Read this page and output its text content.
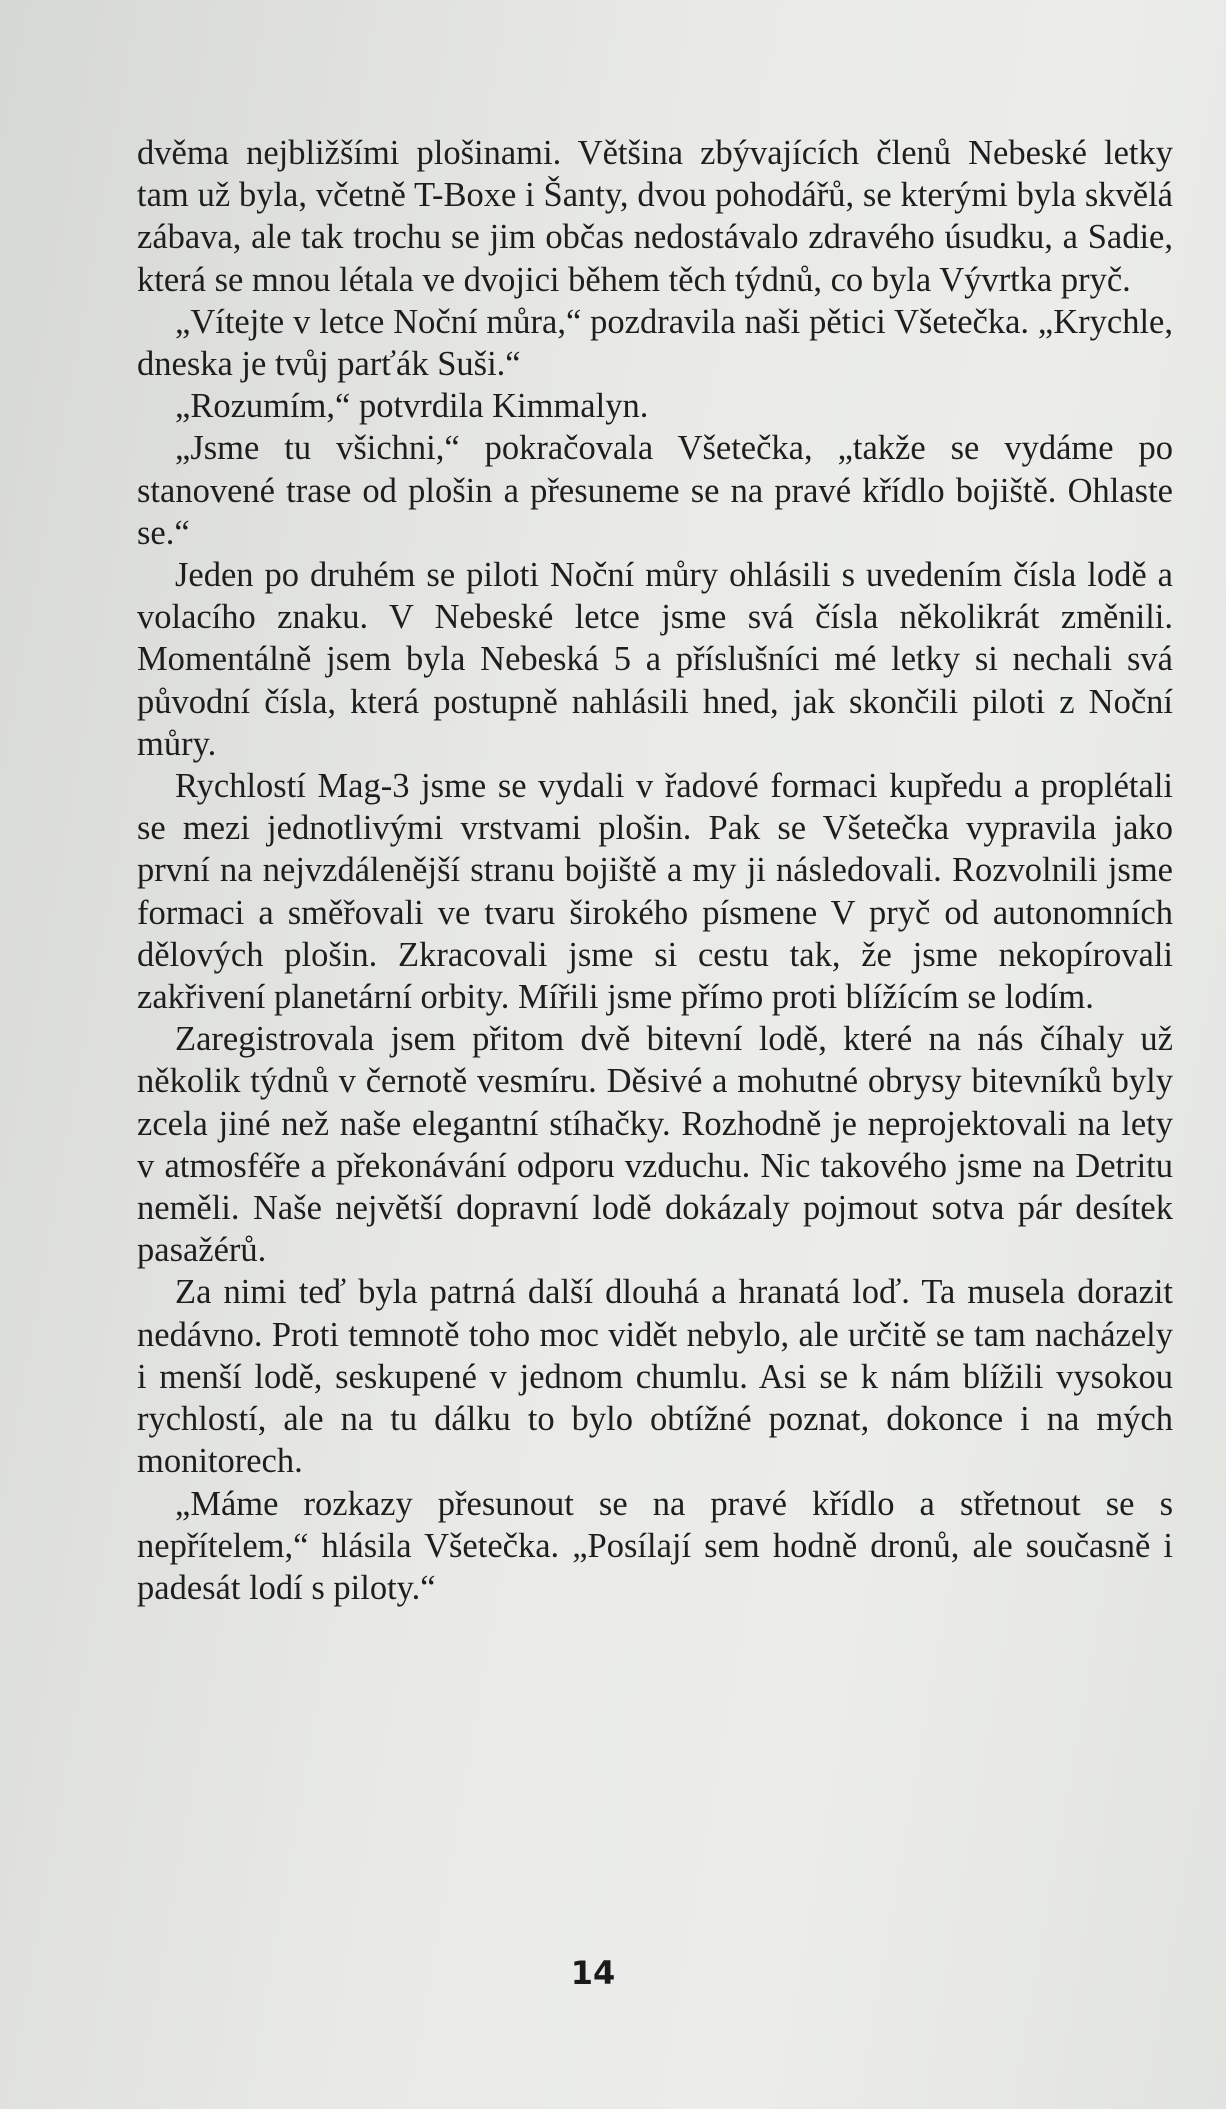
dvěma nejbližšími plošinami. Většina zbývajících členů Nebeské letky tam už byla, včetně T-Boxe i Šanty, dvou pohodářů, se kterými byla skvělá zábava, ale tak trochu se jim občas nedostávalo zdravého úsudku, a Sadie, která se mnou létala ve dvojici během těch týdnů, co byla Vývrtka pryč.

„Vítejte v letce Noční můra,“ pozdravila naši pětici Všetečka. „Krychle, dneska je tvůj parťák Suši.“

„Rozumím,“ potvrdila Kimmalyn.

„Jsme tu všichni,“ pokračovala Všetečka, „takže se vydáme po stanovené trase od plošin a přesuneme se na pravé křídlo bojiště. Ohlaste se.“

Jeden po druhém se piloti Noční můry ohlásili s uvedením čísla lodě a volacího znaku. V Nebeské letce jsme svá čísla několikrát změnili. Momentálně jsem byla Nebeská 5 a příslušníci mé letky si nechali svá původní čísla, která postupně nahlásili hned, jak skončili piloti z Noční můry.

Rychlostí Mag-3 jsme se vydali v řadové formaci kupředu a proplétali se mezi jednotlivými vrstvami plošin. Pak se Všetečka vypravila jako první na nejvzdálenější stranu bojiště a my ji následovali. Rozvolnili jsme formaci a směřovali ve tvaru širokého písmene V pryč od autonomních dělových plošin. Zkracovali jsme si cestu tak, že jsme nekopírovali zakřivení planetární orbity. Mířili jsme přímo proti blížícím se lodím.

Zaregistrovala jsem přitom dvě bitevní lodě, které na nás číhaly už několik týdnů v černotě vesmíru. Děsivé a mohutné obrysy bitevníků byly zcela jiné než naše elegantní stíhačky. Rozhodně je neprojektovali na lety v atmosféře a překonávání odporu vzduchu. Nic takového jsme na Detritu neměli. Naše největší dopravní lodě dokázaly pojmout sotva pár desítek pasažérů.

Za nimi teď byla patrná další dlouhá a hranatá loď. Ta musela dorazit nedávno. Proti temnotě toho moc vidět nebylo, ale určitě se tam nacházely i menší lodě, seskupené v jednom chumlu. Asi se k nám blížili vysokou rychlostí, ale na tu dálku to bylo obtížné poznat, dokonce i na mých monitorech.

„Máme rozkazy přesunout se na pravé křídlo a střetnout se s nepřítelem,“ hlásila Všetečka. „Posílají sem hodně dronů, ale současně i padesát lodí s piloty.“

14
